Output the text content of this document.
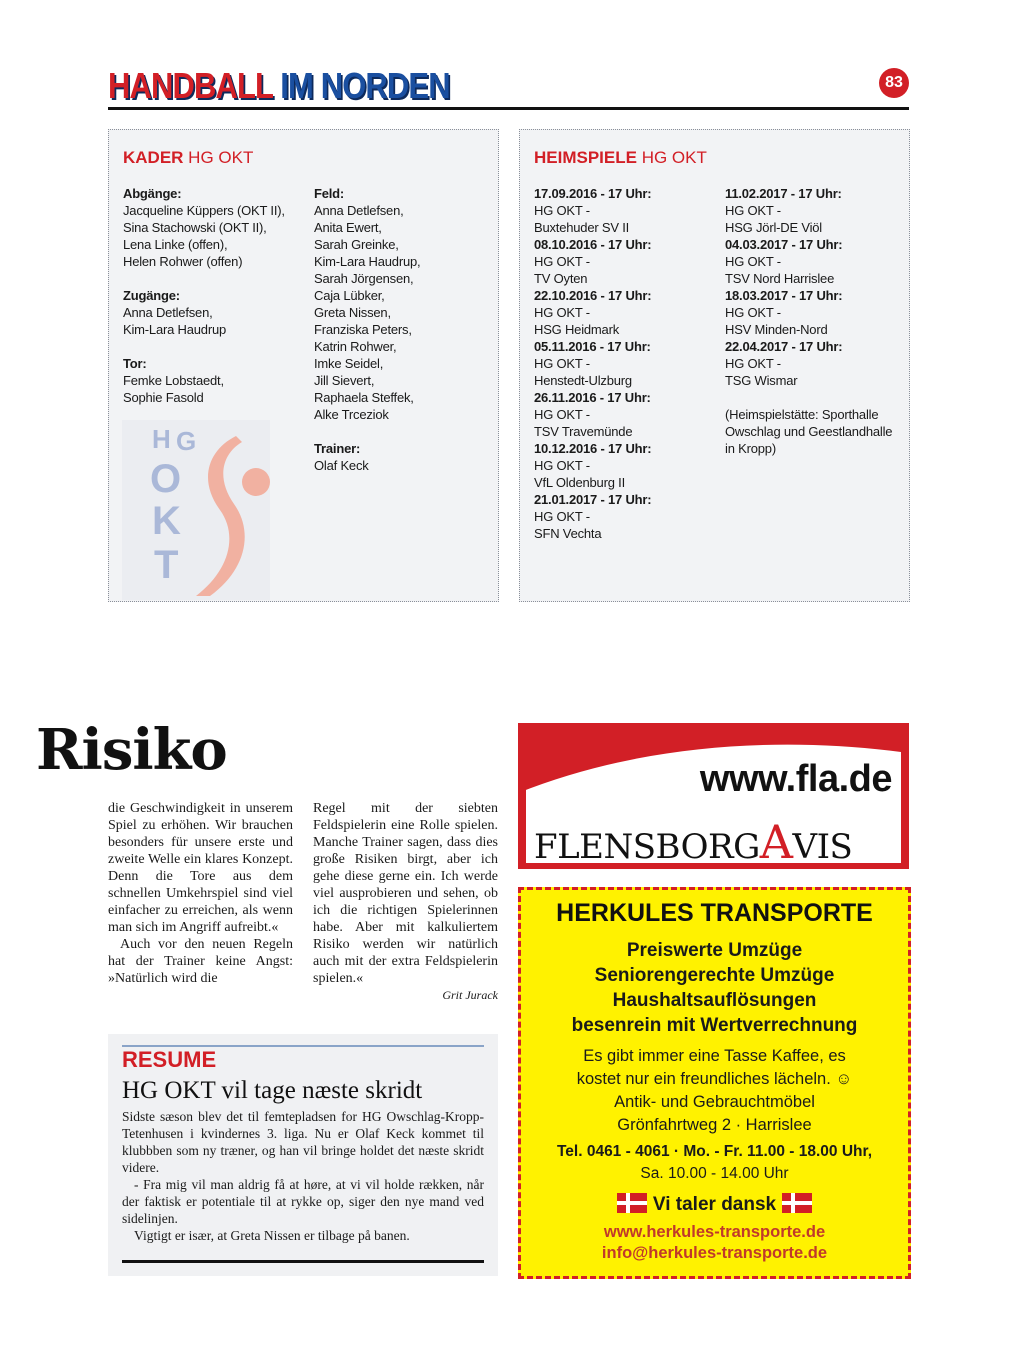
HANDBALL IM NORDEN	83
KADER HG OKT
Abgänge:
Jacqueline Küppers (OKT II),
Sina Stachowski (OKT II),
Lena Linke (offen),
Helen Rohwer (offen)
Zugänge:
Anna Detlefsen,
Kim-Lara Haudrup
Tor:
Femke Lobstaedt,
Sophie Fasold
Feld:
Anna Detlefsen,
Anita Ewert,
Sarah Greinke,
Kim-Lara Haudrup,
Sarah Jörgensen,
Caja Lübker,
Greta Nissen,
Franziska Peters,
Katrin Rohwer,
Imke Seidel,
Jill Sievert,
Raphaela Steffek,
Alke Trceziok
Trainer:
Olaf Keck
H G
O
K
T
HEIMSPIELE HG OKT
17.09.2016 - 17 Uhr:
HG OKT -
Buxtehuder SV II
08.10.2016 - 17 Uhr:
HG OKT -
TV Oyten
22.10.2016 - 17 Uhr:
HG OKT -
HSG Heidmark
05.11.2016 - 17 Uhr:
HG OKT -
Henstedt-Ulzburg
26.11.2016 - 17 Uhr:
HG OKT -
TSV Travemünde
10.12.2016 - 17 Uhr:
HG OKT -
VfL Oldenburg II
21.01.2017 - 17 Uhr:
HG OKT -
SFN Vechta
11.02.2017 - 17 Uhr:
HG OKT -
HSG Jörl-DE Viöl
04.03.2017 - 17 Uhr:
HG OKT -
TSV Nord Harrislee
18.03.2017 - 17 Uhr:
HG OKT -
HSV Minden-Nord
22.04.2017 - 17 Uhr:
HG OKT -
TSG Wismar
(Heimspielstätte: Sporthalle
Owschlag und Geestlandhalle
in Kropp)
Risiko

die Geschwindigkeit in unserem Spiel zu erhöhen. Wir brauchen besonders für unsere erste und zweite Welle ein klares Konzept. Denn die Tore aus dem schnellen Umkehrspiel sind viel einfacher zu erreichen, als wenn man sich im Angriff aufreibt.«

Auch vor den neuen Regeln hat der Trainer keine Angst: »Natürlich wird die

Regel mit der siebten Feldspielerin eine Rolle spielen. Manche Trainer sagen, dass dies große Risiken birgt, aber ich gehe diese gerne ein. Ich werde viel ausprobieren und sehen, ob ich die richtigen Spielerinnen habe. Aber mit kalkuliertem Risiko werden wir natürlich auch mit der extra Feldspielerin spielen.«

Grit Jurack
RESUME
HG OKT vil tage næste skridt

Sidste sæson blev det til femtepladsen for HG Owschlag-Kropp-Tetenhusen i kvindernes 3. liga. Nu er Olaf Keck kommet til klubbben som ny træner, og han vil bringe holdet det næste skridt videre.

- Fra mig vil man aldrig få at høre, at vi vil holde rækken, når der faktisk er potentiale til at rykke op, siger den nye mand ved sidelinjen.

Vigtigt er især, at Greta Nissen er tilbage på banen.

www.fla.de
FLENSBORGAVIS
HERKULES TRANSPORTE
Preiswerte Umzüge
Seniorengerechte Umzüge
Haushaltsauflösungen
besenrein mit Wertverrechnung
Es gibt immer eine Tasse Kaffee, es
kostet nur ein freundliches lächeln. ☺
Antik- und Gebrauchtmöbel
Grönfahrtweg 2 · Harrislee
Tel. 0461 - 4061 · Mo. - Fr. 11.00 - 18.00 Uhr,
Sa. 10.00 - 14.00 Uhr
Vi taler dansk
www.herkules-transporte.de
info@herkules-transporte.de
